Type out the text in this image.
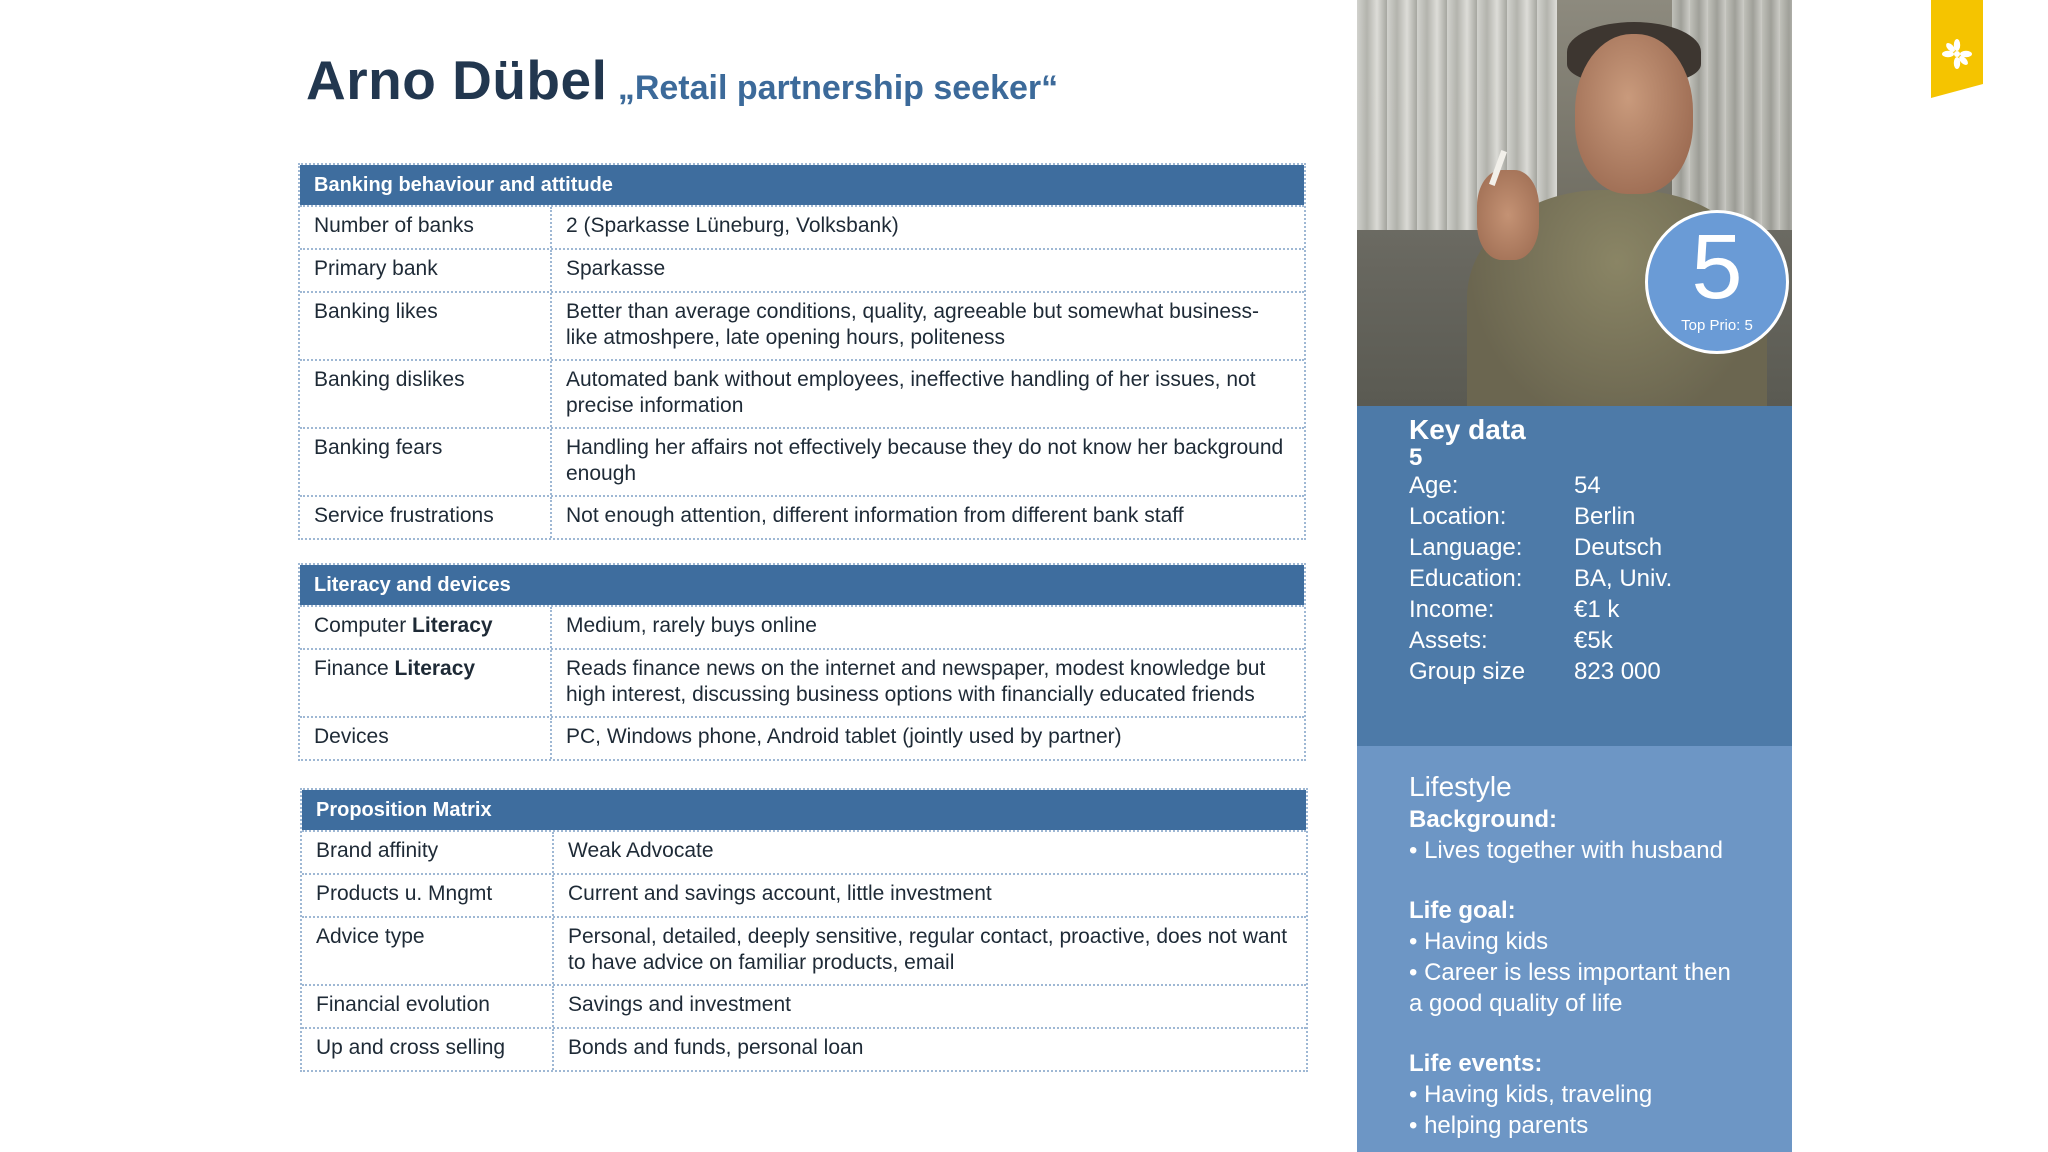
Arno Dübel „Retail partnership seeker“
Banking behaviour and attitude
Number of banks	2 (Sparkasse Lüneburg, Volksbank)
Primary bank	Sparkasse
Banking likes	Better than average conditions, quality, agreeable but somewhat business-like atmoshpere, late opening hours, politeness
Banking dislikes	Automated bank without employees, ineffective handling of her issues, not precise information
Banking fears	Handling her affairs not effectively because they do not know her background enough
Service frustrations	Not enough attention, different information from different bank staff
Literacy and devices
Computer Literacy	Medium, rarely buys online
Finance Literacy	Reads finance news on the internet and newspaper, modest knowledge but high interest, discussing business options with financially educated friends
Devices	PC, Windows phone, Android tablet (jointly used by partner)
Proposition Matrix
Brand affinity	Weak Advocate
Products u. Mngmt	Current and savings account, little investment
Advice type	Personal, detailed, deeply sensitive, regular contact, proactive, does not want to have advice on familiar products, email
Financial evolution	Savings and investment
Up and cross selling	Bonds and funds, personal loan
5
Top Prio: 5
Key data
5
Age:	54
Location:	Berlin
Language:	Deutsch
Education:	BA, Univ.
Income:	€1 k
Assets:	€5k
Group size	823 000
Lifestyle
Background:
• Lives together with husband
Life goal:
• Having kids
• Career is less important then
a good quality of life
Life events:
• Having kids, traveling
• helping parents
